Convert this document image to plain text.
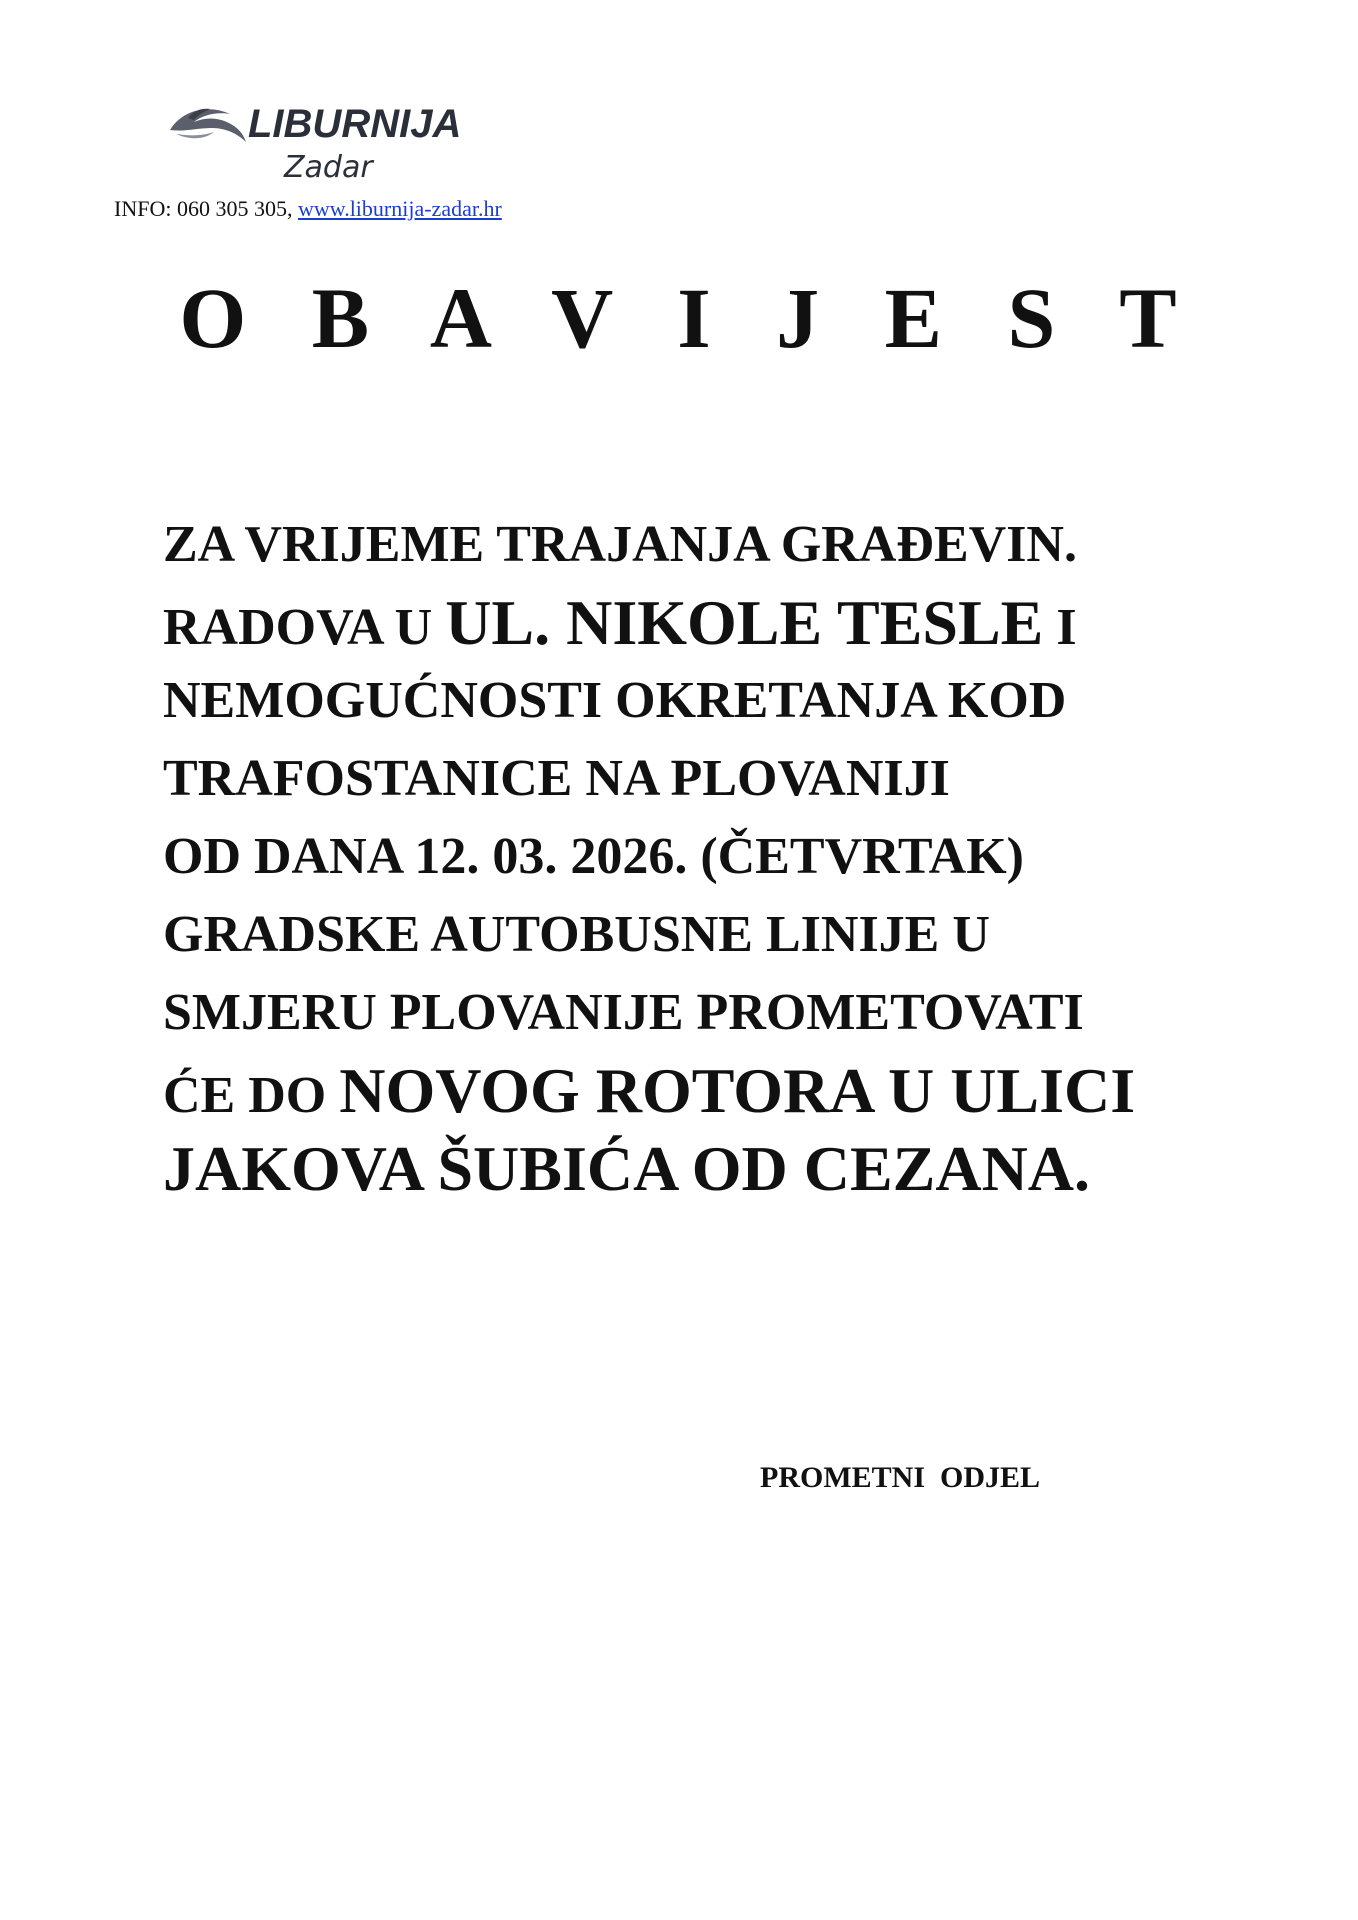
LIBURNIJA
Zadar
INFO: 060 305 305, www.liburnija-zadar.hr
O B A V I J E S T
ZA VRIJEME TRAJANJA GRAĐEVIN.
RADOVA U UL. NIKOLE TESLE I
NEMOGUĆNOSTI OKRETANJA KOD
TRAFOSTANICE NA PLOVANIJI
OD DANA 12. 03. 2026. (ČETVRTAK)
GRADSKE AUTOBUSNE LINIJE U
SMJERU PLOVANIJE PROMETOVATI
ĆE DO NOVOG ROTORA U ULICI
JAKOVA ŠUBIĆA OD CEZANA.
PROMETNI  ODJEL
